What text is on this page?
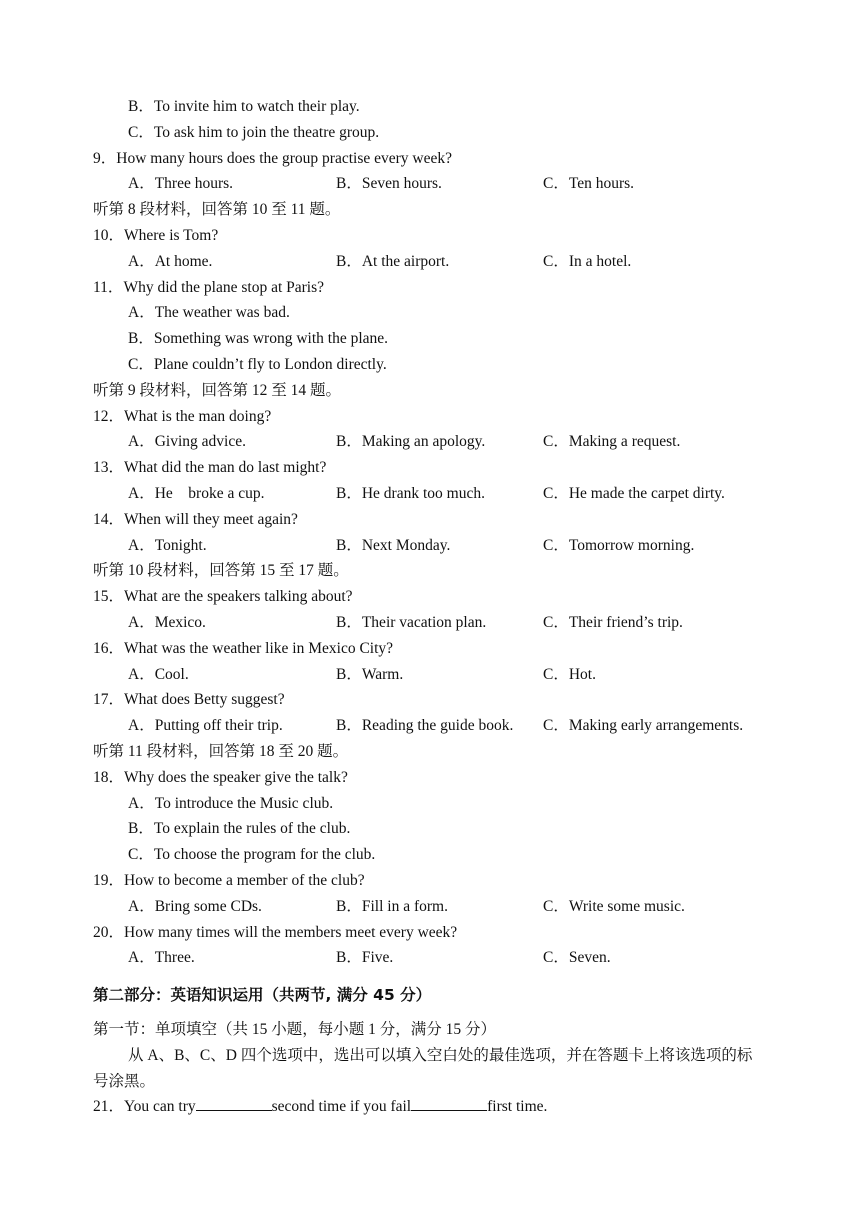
B．To invite him to watch their play.
C．To ask him to join the theatre group.
9．How many hours does the group practise every week?
A．Three hours.	B．Seven hours.	C．Ten hours.
听第 8 段材料，回答第 10 至 11 题。
10．Where is Tom?
A．At home.	B．At the airport.	C．In a hotel.
11．Why did the plane stop at Paris?
A．The weather was bad.
B．Something was wrong with the plane.
C．Plane couldn’t fly to London directly.
听第 9 段材料，回答第 12 至 14 题。
12．What is the man doing?
A．Giving advice.	B．Making an apology.	C．Making a request.
13．What did the man do last might?
A．He　broke a cup.	B．He drank too much.	C．He made the carpet dirty.
14．When will they meet again?
A．Tonight.	B．Next Monday.	C．Tomorrow morning.
听第 10 段材料，回答第 15 至 17 题。
15．What are the speakers talking about?
A．Mexico.	B．Their vacation plan.	C．Their friend’s trip.
16．What was the weather like in Mexico City?
A．Cool.	B．Warm.	C．Hot.
17．What does Betty suggest?
A．Putting off their trip.	B．Reading the guide book. C．Making early arrangements.
听第 11 段材料，回答第 18 至 20 题。
18．Why does the speaker give the talk?
A．To introduce the Music club.
B．To explain the rules of the club.
C．To choose the program for the club.
19．How to become a member of the club?
A．Bring some CDs.	B．Fill in a form.	C．Write some music.
20．How many times will the members meet every week?
A．Three.	B．Five.	C．Seven.
第二部分：英语知识运用（共两节, 满分 45 分）
第一节：单项填空（共 15 小题，每小题 1 分，满分 15 分）
从 A、B、C、D 四个选项中，选出可以填入空白处的最佳选项，并在答题卡上将该选项的标号涂黑。
21．You can try	second time if you fail	first time.
